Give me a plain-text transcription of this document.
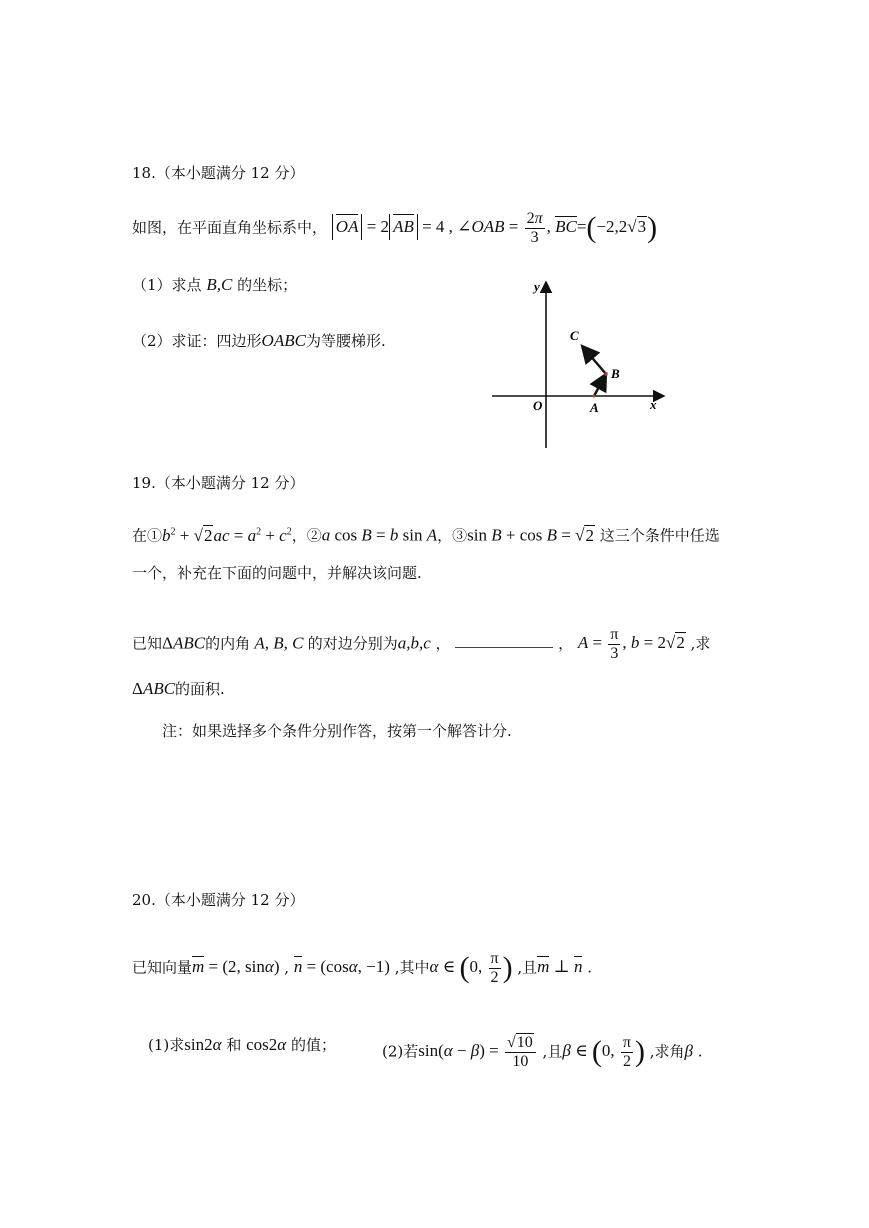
18.（本小题满分 12 分）
如图，在平面直角坐标系中， OA = 2 AB = 4 , ∠OAB = $\frac{2\pi}{3}$ , BC=(−2,2√3)
（1）求点 B,C 的坐标；
（2）求证：四边形OABC为等腰梯形.
y
x
O	A
B
C
19.（本小题满分 12 分）
在$①b^2 + √2ac = a^2 + c^2$，②a cos B = b sin A，③sin B + cos B = √2 这三个条件中任选
一个，补充在下面的问题中，并解决该问题.
已知ΔABC的内角 A, B, C 的对边分别为a,b,c ，	， $A = \frac{\pi}{3}$ , b = 2√2 ,求
ΔABC的面积.
注：如果选择多个条件分别作答，按第一个解答计分.
20.（本小题满分 12 分）
已知向量m = (2, sinα) , n = (cosα, −1) ,其中α ∈ (0, $\frac{\pi}{2}$ ) ,且m ⊥ n .
(1)求sin2α 和 cos2α 的值；	(2)若$\sin(\alpha - \beta) = \frac{√10}{10}$ ,且β ∈ (0, $\frac{\pi}{2}$ ) ,求角β .
